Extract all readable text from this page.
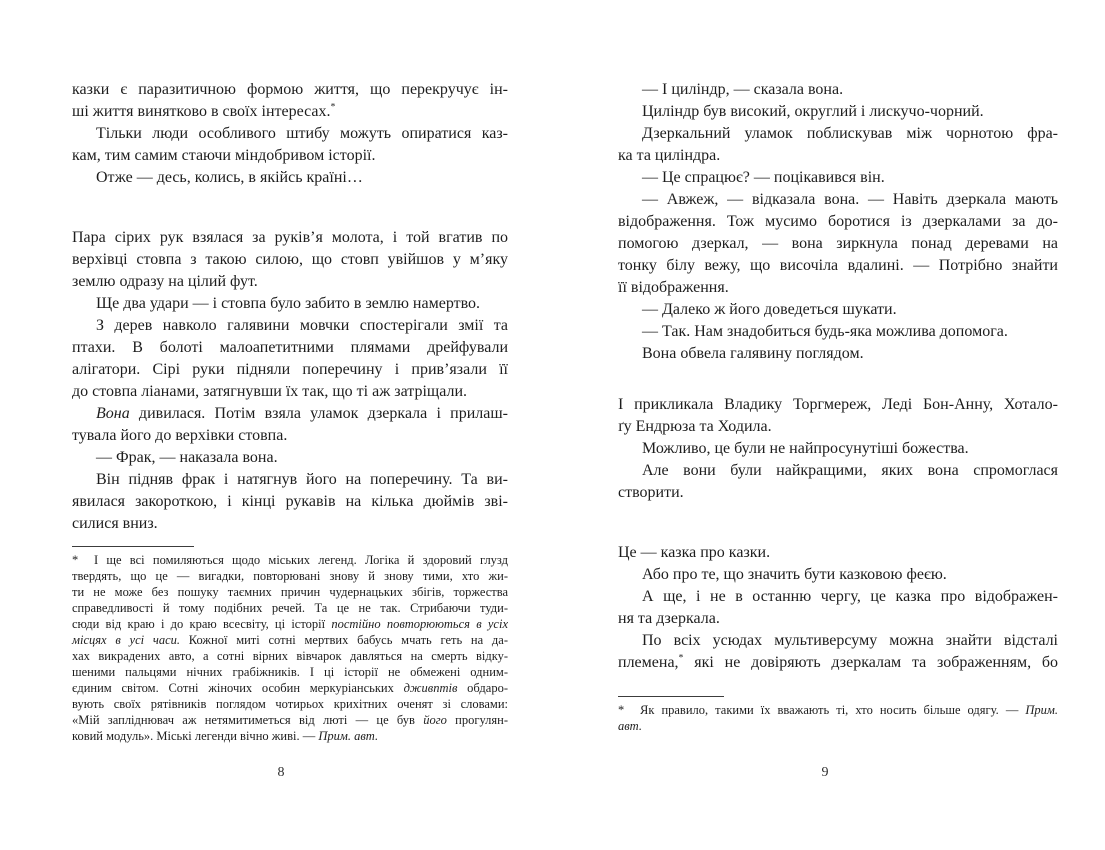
казки є паразитичною формою життя, що перекручує ін-
ші життя винятково в своїх інтересах.*
Тільки люди особливого штибу можуть опиратися каз-
кам, тим самим стаючи міндобривом історії.
Отже — десь, колись, в якійсь країні…
Пара сірих рук взялася за руків’я молота, і той вгатив по
верхівці стовпа з такою силою, що стовп увійшов у м’яку
землю одразу на цілий фут.
Ще два удари — і стовпа було забито в землю намертво.
З дерев навколо галявини мовчки спостерігали змії та
птахи. В болоті малоапетитними плямами дрейфували
алігатори. Сірі руки підняли поперечину і прив’язали її
до стовпа ліанами, затягнувши їх так, що ті аж затріщали.
Вона дивилася. Потім взяла уламок дзеркала і прилаш-
тувала його до верхівки стовпа.
— Фрак, — наказала вона.
Він підняв фрак і натягнув його на поперечину. Та ви-
явилася закороткою, і кінці рукавів на кілька дюймів зві-
силися вниз.
* І ще всі помиляються щодо міських легенд. Логіка й здоровий глузд
твердять, що це — вигадки, повторювані знову й знову тими, хто жи-
ти не може без пошуку таємних причин чудернацьких збігів, торжества
справедливості й тому подібних речей. Та це не так. Стрибаючи туди-
сюди від краю і до краю всесвіту, ці історії постійно повторюються в усіх
місцях в усі часи. Кожної миті сотні мертвих бабусь мчать геть на да-
хах викрадених авто, а сотні вірних вівчарок давляться на смерть відку-
шеними пальцями нічних грабіжників. І ці історії не обмежені одним-
єдиним світом. Сотні жіночих особин меркуріанських дживптів обдаро-
вують своїх рятівників поглядом чотирьох крихітних оченят зі словами:
«Мій запліднювач аж нетямитиметься від люті — це був його прогулян-
ковий модуль». Міські легенди вічно живі. — Прим. авт.
8
— І циліндр, — сказала вона.
Циліндр був високий, округлий і лискучо-чорний.
Дзеркальний уламок поблискував між чорнотою фра-
ка та циліндра.
— Це спрацює? — поцікавився він.
— Авжеж, — відказала вона. — Навіть дзеркала мають
відображення. Тож мусимо боротися із дзеркалами за до-
помогою дзеркал, — вона зиркнула понад деревами на
тонку білу вежу, що височіла вдалині. — Потрібно знайти
її відображення.
— Далеко ж його доведеться шукати.
— Так. Нам знадобиться будь-яка можлива допомога.
Вона обвела галявину поглядом.
І прикликала Владику Торгмереж, Леді Бон-Анну, Хотало-
ґу Ендрюза та Ходила.
Можливо, це були не найпросунутіші божества.
Але вони були найкращими, яких вона спромоглася
створити.
Це — казка про казки.
Або про те, що значить бути казковою феєю.
А ще, і не в останню чергу, це казка про відображен-
ня та дзеркала.
По всіх усюдах мультиверсуму можна знайти відсталі
племена,* які не довіряють дзеркалам та зображенням, бо
* Як правило, такими їх вважають ті, хто носить більше одягу. — Прим.
авт.
9
